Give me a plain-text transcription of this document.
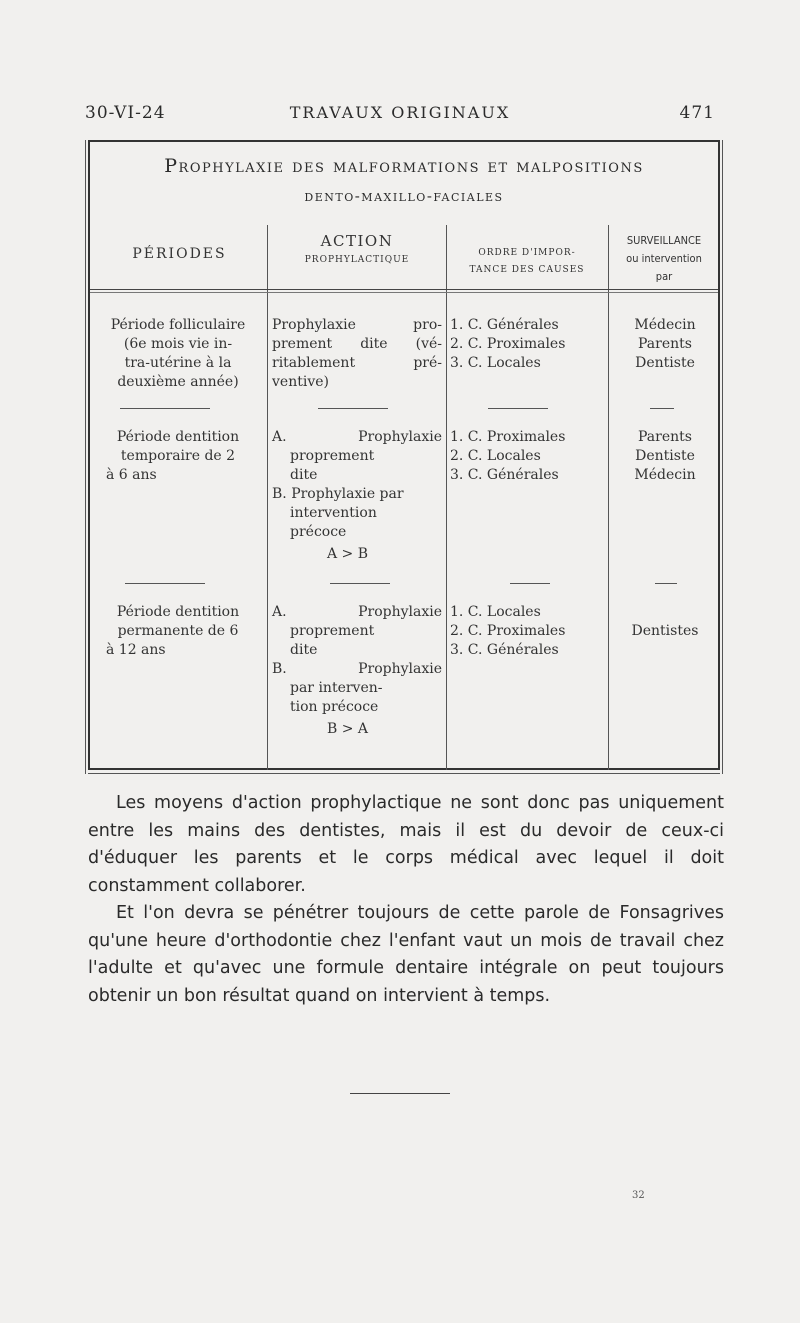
30-VI-24	TRAVAUX ORIGINAUX	471
Prophylaxie des malformations et malpositions
dento-maxillo-faciales
PÉRIODES
ACTION
PROPHYLACTIQUE
ORDRE D'IMPOR-
TANCE DES CAUSES
SURVEILLANCE
ou intervention
par
Période folliculaire
(6e mois vie in-
tra-utérine à la
deuxième année)
Prophylaxie pro-
prement dite (vé-
ritablement pré-
ventive)
1. C. Générales
2. C. Proximales
3. C. Locales
Médecin
Parents
Dentiste
Période dentition
temporaire de 2
à 6 ans
A. Prophylaxie
proprement
dite
B. Prophylaxie par
intervention
précoce
A > B
1. C. Proximales
2. C. Locales
3. C. Générales
Parents
Dentiste
Médecin
Période dentition
permanente de 6
à 12 ans
A. Prophylaxie
proprement
dite
B. Prophylaxie
par interven-
tion précoce
B > A
1. C. Locales
2. C. Proximales
3. C. Générales
Dentistes

Les moyens d'action prophylactique ne sont donc pas uniquement entre les mains des dentistes, mais il est du devoir de ceux-ci d'éduquer les parents et le corps médical avec lequel il doit constamment collaborer.

Et l'on devra se pénétrer toujours de cette parole de Fonsagrives qu'une heure d'orthodontie chez l'enfant vaut un mois de travail chez l'adulte et qu'avec une formule dentaire intégrale on peut toujours obtenir un bon résultat quand on intervient à temps.

32
